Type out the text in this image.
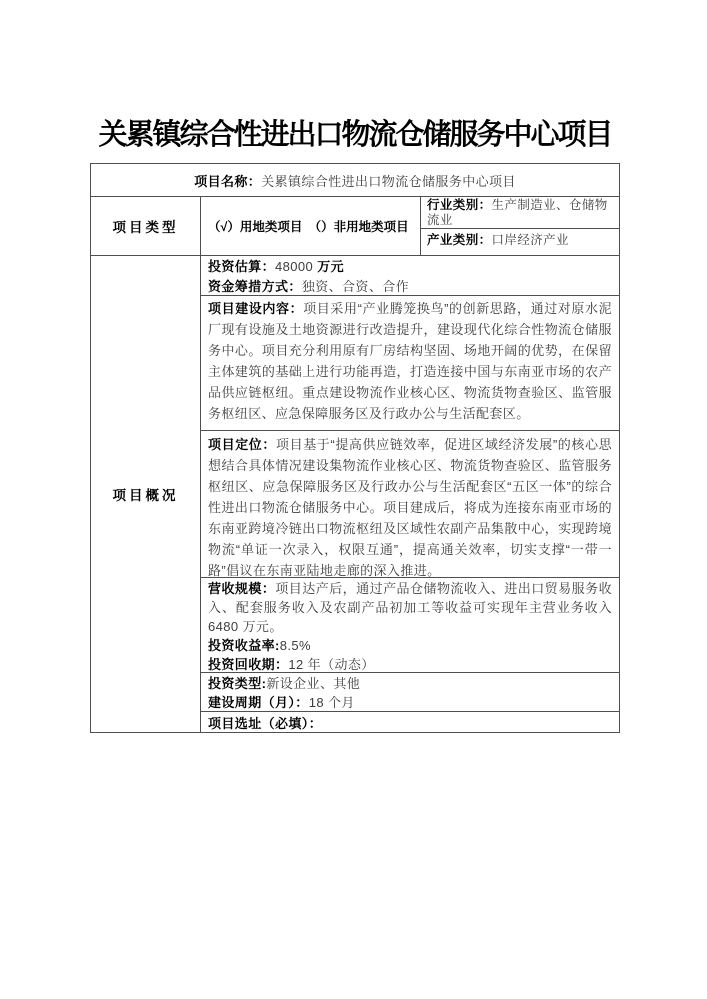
关累镇综合性进出口物流仓储服务中心项目
项目名称： 关累镇综合性进出口物流仓储服务中心项目
项目类型	（√）用地类项目　（）非用地类项目
行业类别：生产制造业、仓储物流业
产业类别：口岸经济产业
项目概况
投资估算：48000 万元
资金筹措方式：独资、合资、合作
项目建设内容：项目采用“产业腾笼换鸟”的创新思路，通过对原水泥厂现有设施及土地资源进行改造提升，建设现代化综合性物流仓储服务中心。项目充分利用原有厂房结构坚固、场地开阔的优势，在保留主体建筑的基础上进行功能再造，打造连接中国与东南亚市场的农产品供应链枢纽。重点建设物流作业核心区、物流货物查验区、监管服务枢纽区、应急保障服务区及行政办公与生活配套区。
项目定位：项目基于“提高供应链效率，促进区域经济发展”的核心思想结合具体情况建设集物流作业核心区、物流货物查验区、监管服务枢纽区、应急保障服务区及行政办公与生活配套区“五区一体”的综合性进出口物流仓储服务中心。项目建成后，将成为连接东南亚市场的东南亚跨境冷链出口物流枢纽及区域性农副产品集散中心，实现跨境物流“单证一次录入，权限互通”，提高通关效率，切实支撑“一带一路”倡议在东南亚陆地走廊的深入推进。
营收规模：项目达产后，通过产品仓储物流收入、进出口贸易服务收入、配套服务收入及农副产品初加工等收益可实现年主营业务收入 6480 万元。
投资收益率:8.5%
投资回收期：12 年（动态）
投资类型:新设企业、其他
建设周期（月）：18 个月
项目选址（必填）：
